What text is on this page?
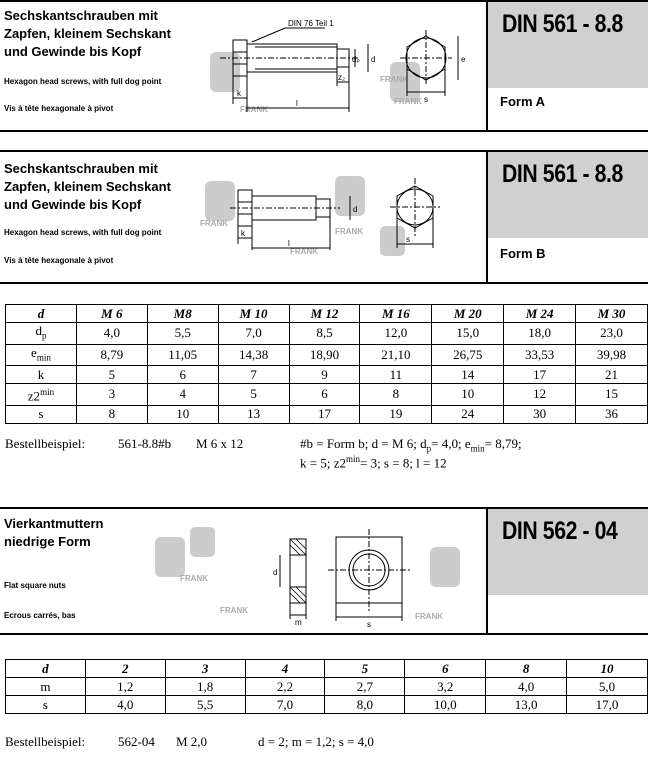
Sechskantschrauben mit
Zapfen, kleinem Sechskant
und Gewinde bis Kopf
Hexagon head screws, with full dog point
Vis à tête hexagonale à pivot	FRANK
FRANK
FRANK
DIN 76 Teil 1
k
l
dₚ d
z₂
s
e
DIN 561 - 8.8
Form A
Sechskantschrauben mit
Zapfen, kleinem Sechskant
und Gewinde bis Kopf
Hexagon head screws, with full dog point
Vis à tête hexagonale à pivot
FRANK
FRANK
FRANK
k
l
d
s
DIN 561 - 8.8
Form B
d	M 6	M8	M 10	M 12	M 16	M 20	M 24	M 30
$d_p$	4,0	5,5	7,0	8,5	12,0	15,0	18,0	23,0
$e_{min}$	8,79	11,05	14,38	18,90	21,10	26,75	33,53	39,98
k	5	6	7	9	11	14	17	21
$z2^{min}$	3	4	5	6	8	10	12	15
s	8	10	13	17	19	24	30	36
Bestellbeispiel:	561-8.8#b M 6 x 12	#b = Form b; d = M 6; $d_p= 4,0$; $e_{min}= 8,79$;
k = 5; $z2^{min}= 3$; s = 8; l = 12
Vierkantmuttern
niedrige Form
Flat square nuts
Ecrous carrés, bas
FRANK
FRANK
FRANK
d
m	s
DIN 562 - 04
d	2	3	4	5	6	8	10
m	1,2	1,8	2,2	2,7	3,2	4,0	5,0
s	4,0	5,5	7,0	8,0	10,0	13,0	17,0
Bestellbeispiel:	562-04 M 2,0	d = 2; m = 1,2; s = 4,0
